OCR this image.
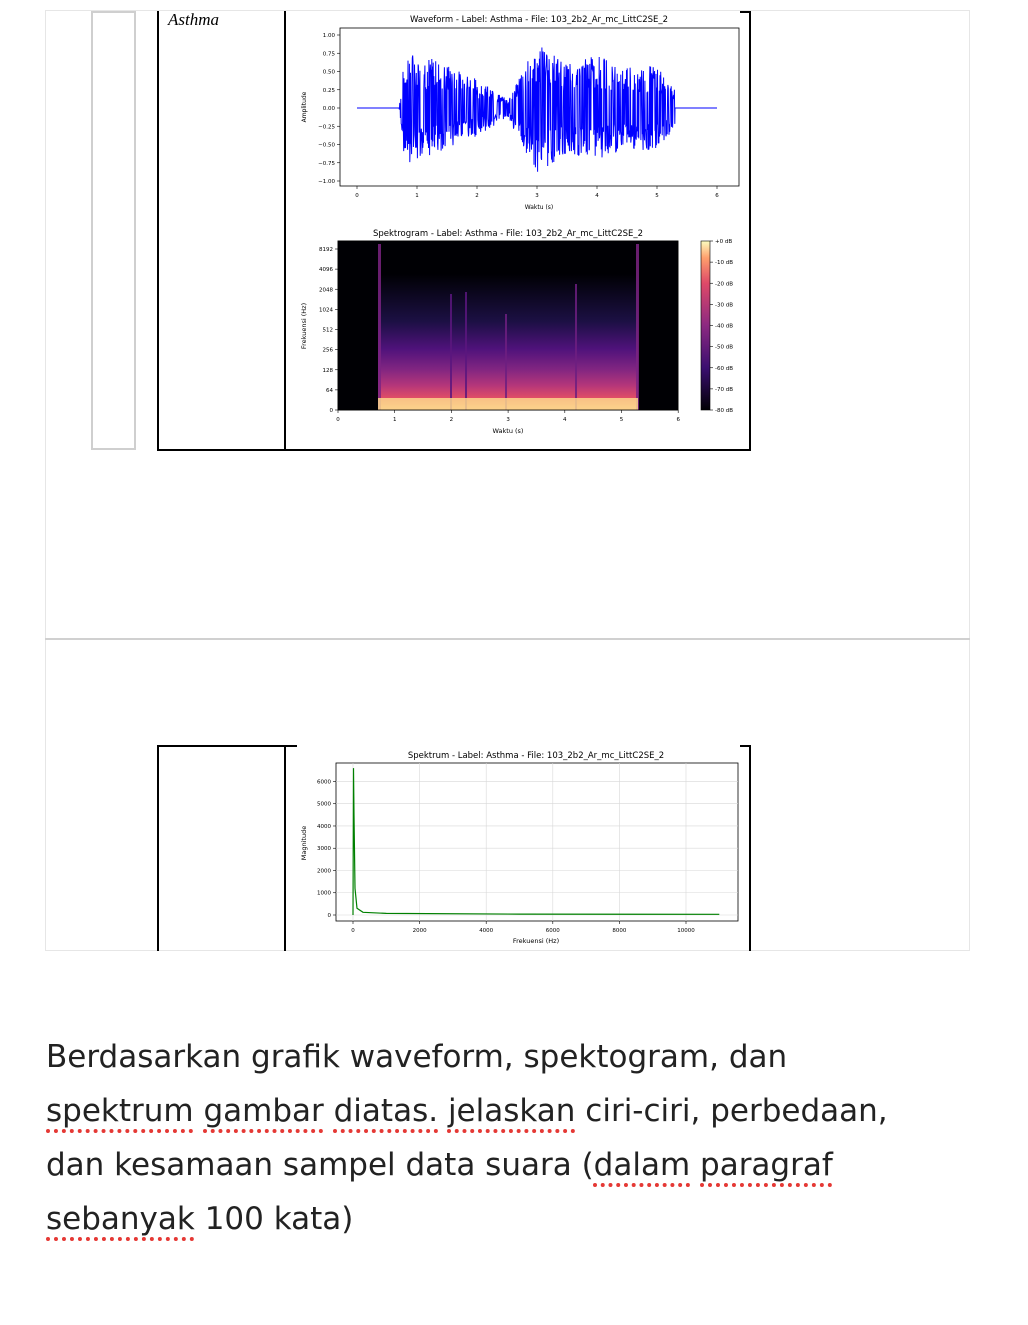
Asthma	Waveform - Label: Asthma - File: 103_2b2_Ar_mc_LittC2SE_2
1.00
0.75
0.50
0.25
0.00
−0.25
−0.50
−0.75
−1.00
0	1	2	3	4	5	6
Waktu (s)
Amplitude
Spektrogram - Label: Asthma - File: 103_2b2_Ar_mc_LittC2SE_2
8192
4096
2048
1024
512
256
128
64
0
0	1	2	3	4	5	6
Waktu (s)
Frekuensi (Hz)
+0 dB
-10 dB
-20 dB
-30 dB
-40 dB
-50 dB
-60 dB
-70 dB
-80 dB
Spektrum - Label: Asthma - File: 103_2b2_Ar_mc_LittC2SE_2
6000
5000
4000
3000
2000
1000
0
0	2000	4000	6000	8000	10000
Frekuensi (Hz)
Magnitude
Berdasarkan grafik waveform, spektogram, dan
spektrum gambar diatas. jelaskan ciri-ciri, perbedaan,
dan kesamaan sampel data suara (dalam paragraf
sebanyak 100 kata)
